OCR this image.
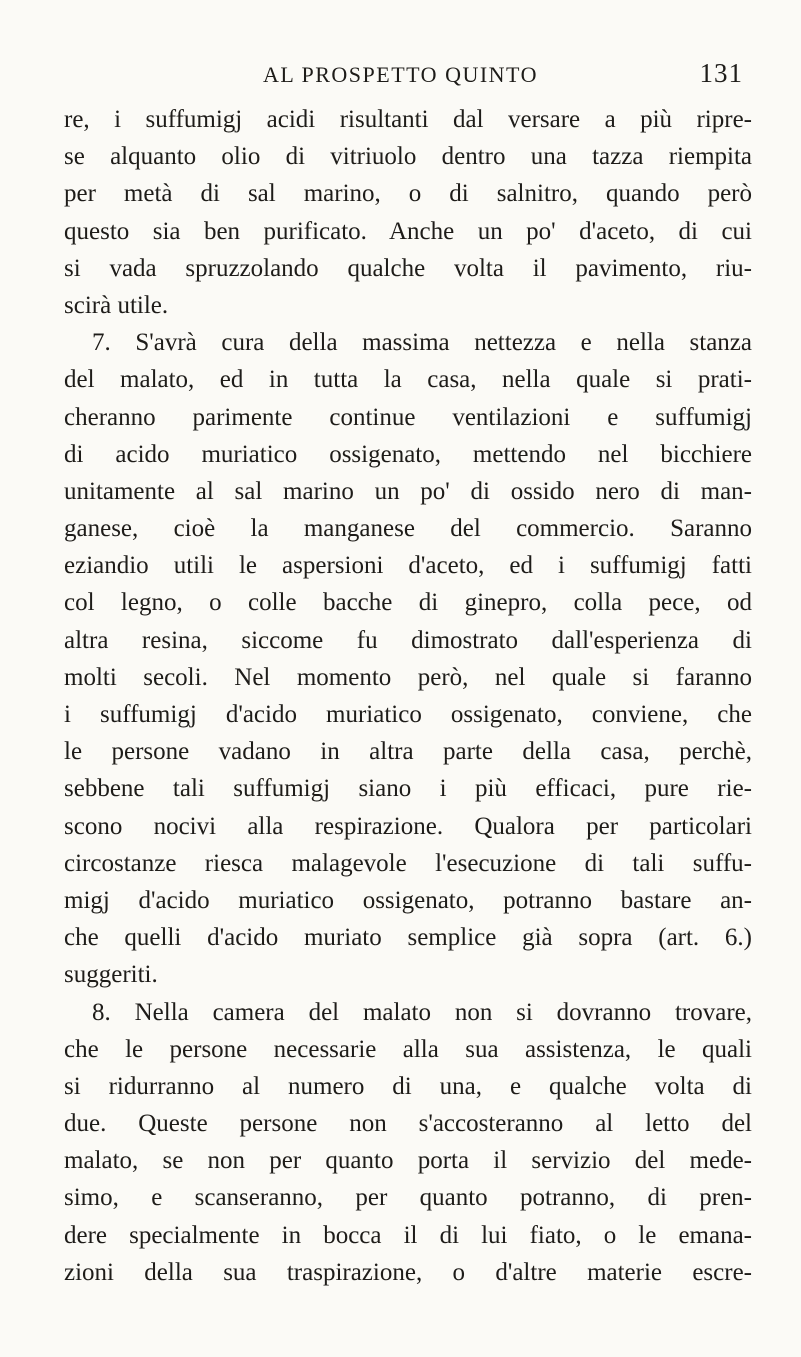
AL PROSPETTO QUINTO	131
re, i suffumigj acidi risultanti dal versare a più ripre-
se alquanto olio di vitriuolo dentro una tazza riempita
per metà di sal marino, o di salnitro, quando però
questo sia ben purificato. Anche un po' d'aceto, di cui
si vada spruzzolando qualche volta il pavimento, riu-
scirà utile.
7. S'avrà cura della massima nettezza e nella stanza
del malato, ed in tutta la casa, nella quale si prati-
cheranno parimente continue ventilazioni e suffumigj
di acido muriatico ossigenato, mettendo nel bicchiere
unitamente al sal marino un po' di ossido nero di man-
ganese, cioè la manganese del commercio. Saranno
eziandio utili le aspersioni d'aceto, ed i suffumigj fatti
col legno, o colle bacche di ginepro, colla pece, od
altra resina, siccome fu dimostrato dall'esperienza di
molti secoli. Nel momento però, nel quale si faranno
i suffumigj d'acido muriatico ossigenato, conviene, che
le persone vadano in altra parte della casa, perchè,
sebbene tali suffumigj siano i più efficaci, pure rie-
scono nocivi alla respirazione. Qualora per particolari
circostanze riesca malagevole l'esecuzione di tali suffu-
migj d'acido muriatico ossigenato, potranno bastare an-
che quelli d'acido muriato semplice già sopra (art. 6.)
suggeriti.
8. Nella camera del malato non si dovranno trovare,
che le persone necessarie alla sua assistenza, le quali
si ridurranno al numero di una, e qualche volta di
due. Queste persone non s'accosteranno al letto del
malato, se non per quanto porta il servizio del mede-
simo, e scanseranno, per quanto potranno, di pren-
dere specialmente in bocca il di lui fiato, o le emana-
zioni della sua traspirazione, o d'altre materie escre-
